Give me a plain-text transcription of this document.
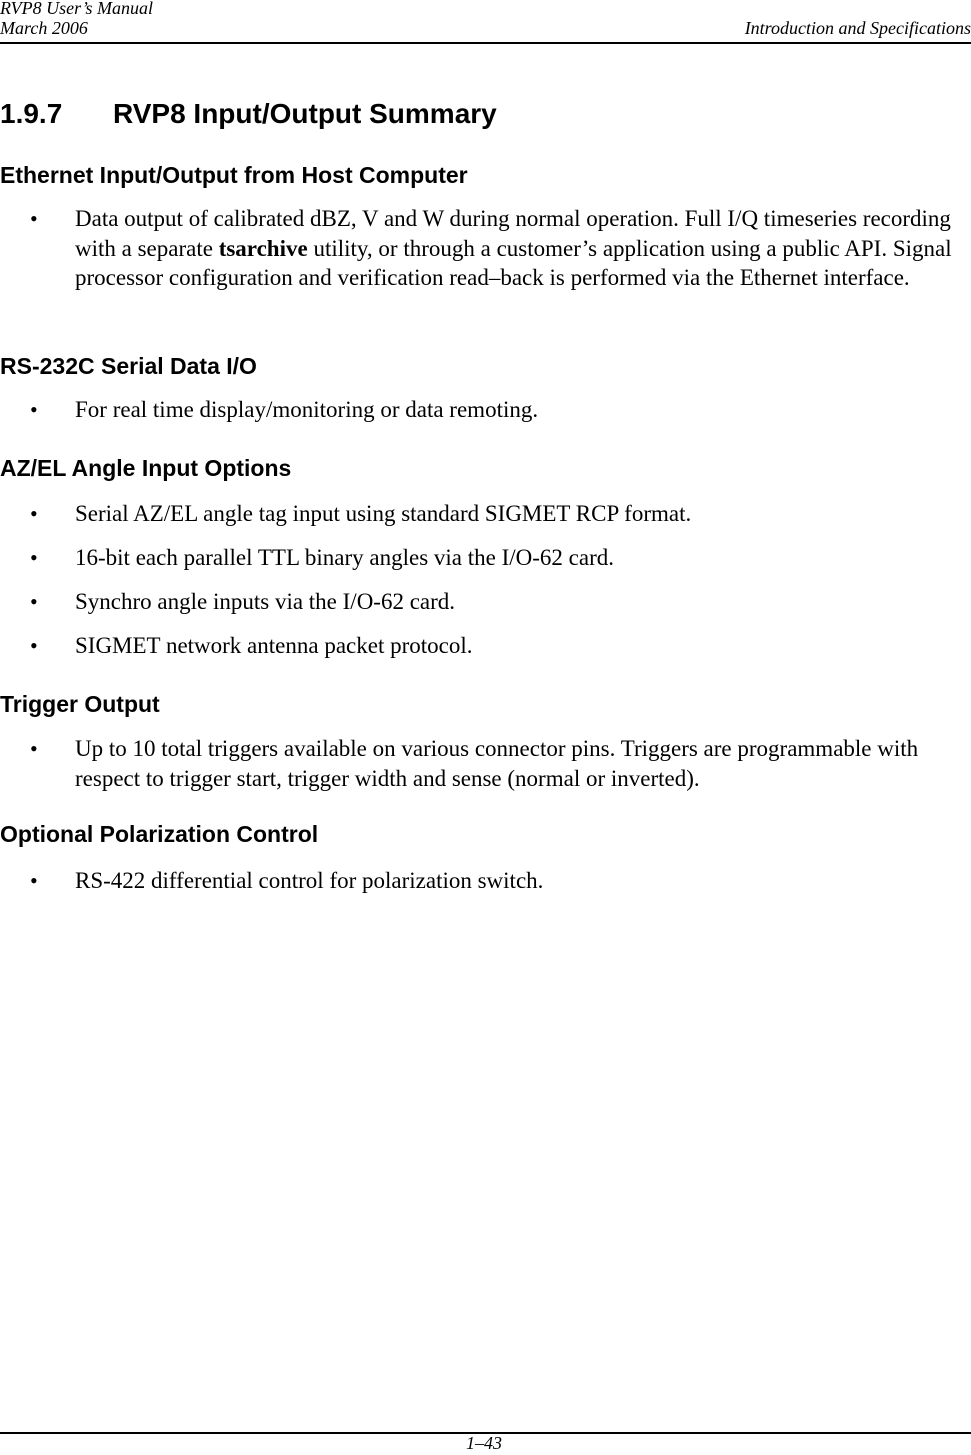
RVP8 User’s Manual
March 2006	Introduction and Specifications
1.9.7 RVP8 Input/Output Summary
Ethernet Input/Output from Host Computer
• Data output of calibrated dBZ, V and W during normal operation. Full I/Q timeseries recording with a separate tsarchive utility, or through a customer’s application using a public API. Signal processor configuration and verification read–back is performed via the Ethernet interface.
RS-232C Serial Data I/O
• For real time display/monitoring or data remoting.
AZ/EL Angle Input Options
• Serial AZ/EL angle tag input using standard SIGMET RCP format.
• 16-bit each parallel TTL binary angles via the I/O-62 card.
• Synchro angle inputs via the I/O-62 card.
• SIGMET network antenna packet protocol.
Trigger Output
• Up to 10 total triggers available on various connector pins. Triggers are programmable with respect to trigger start, trigger width and sense (normal or inverted).
Optional Polarization Control
• RS-422 differential control for polarization switch.
1–43
